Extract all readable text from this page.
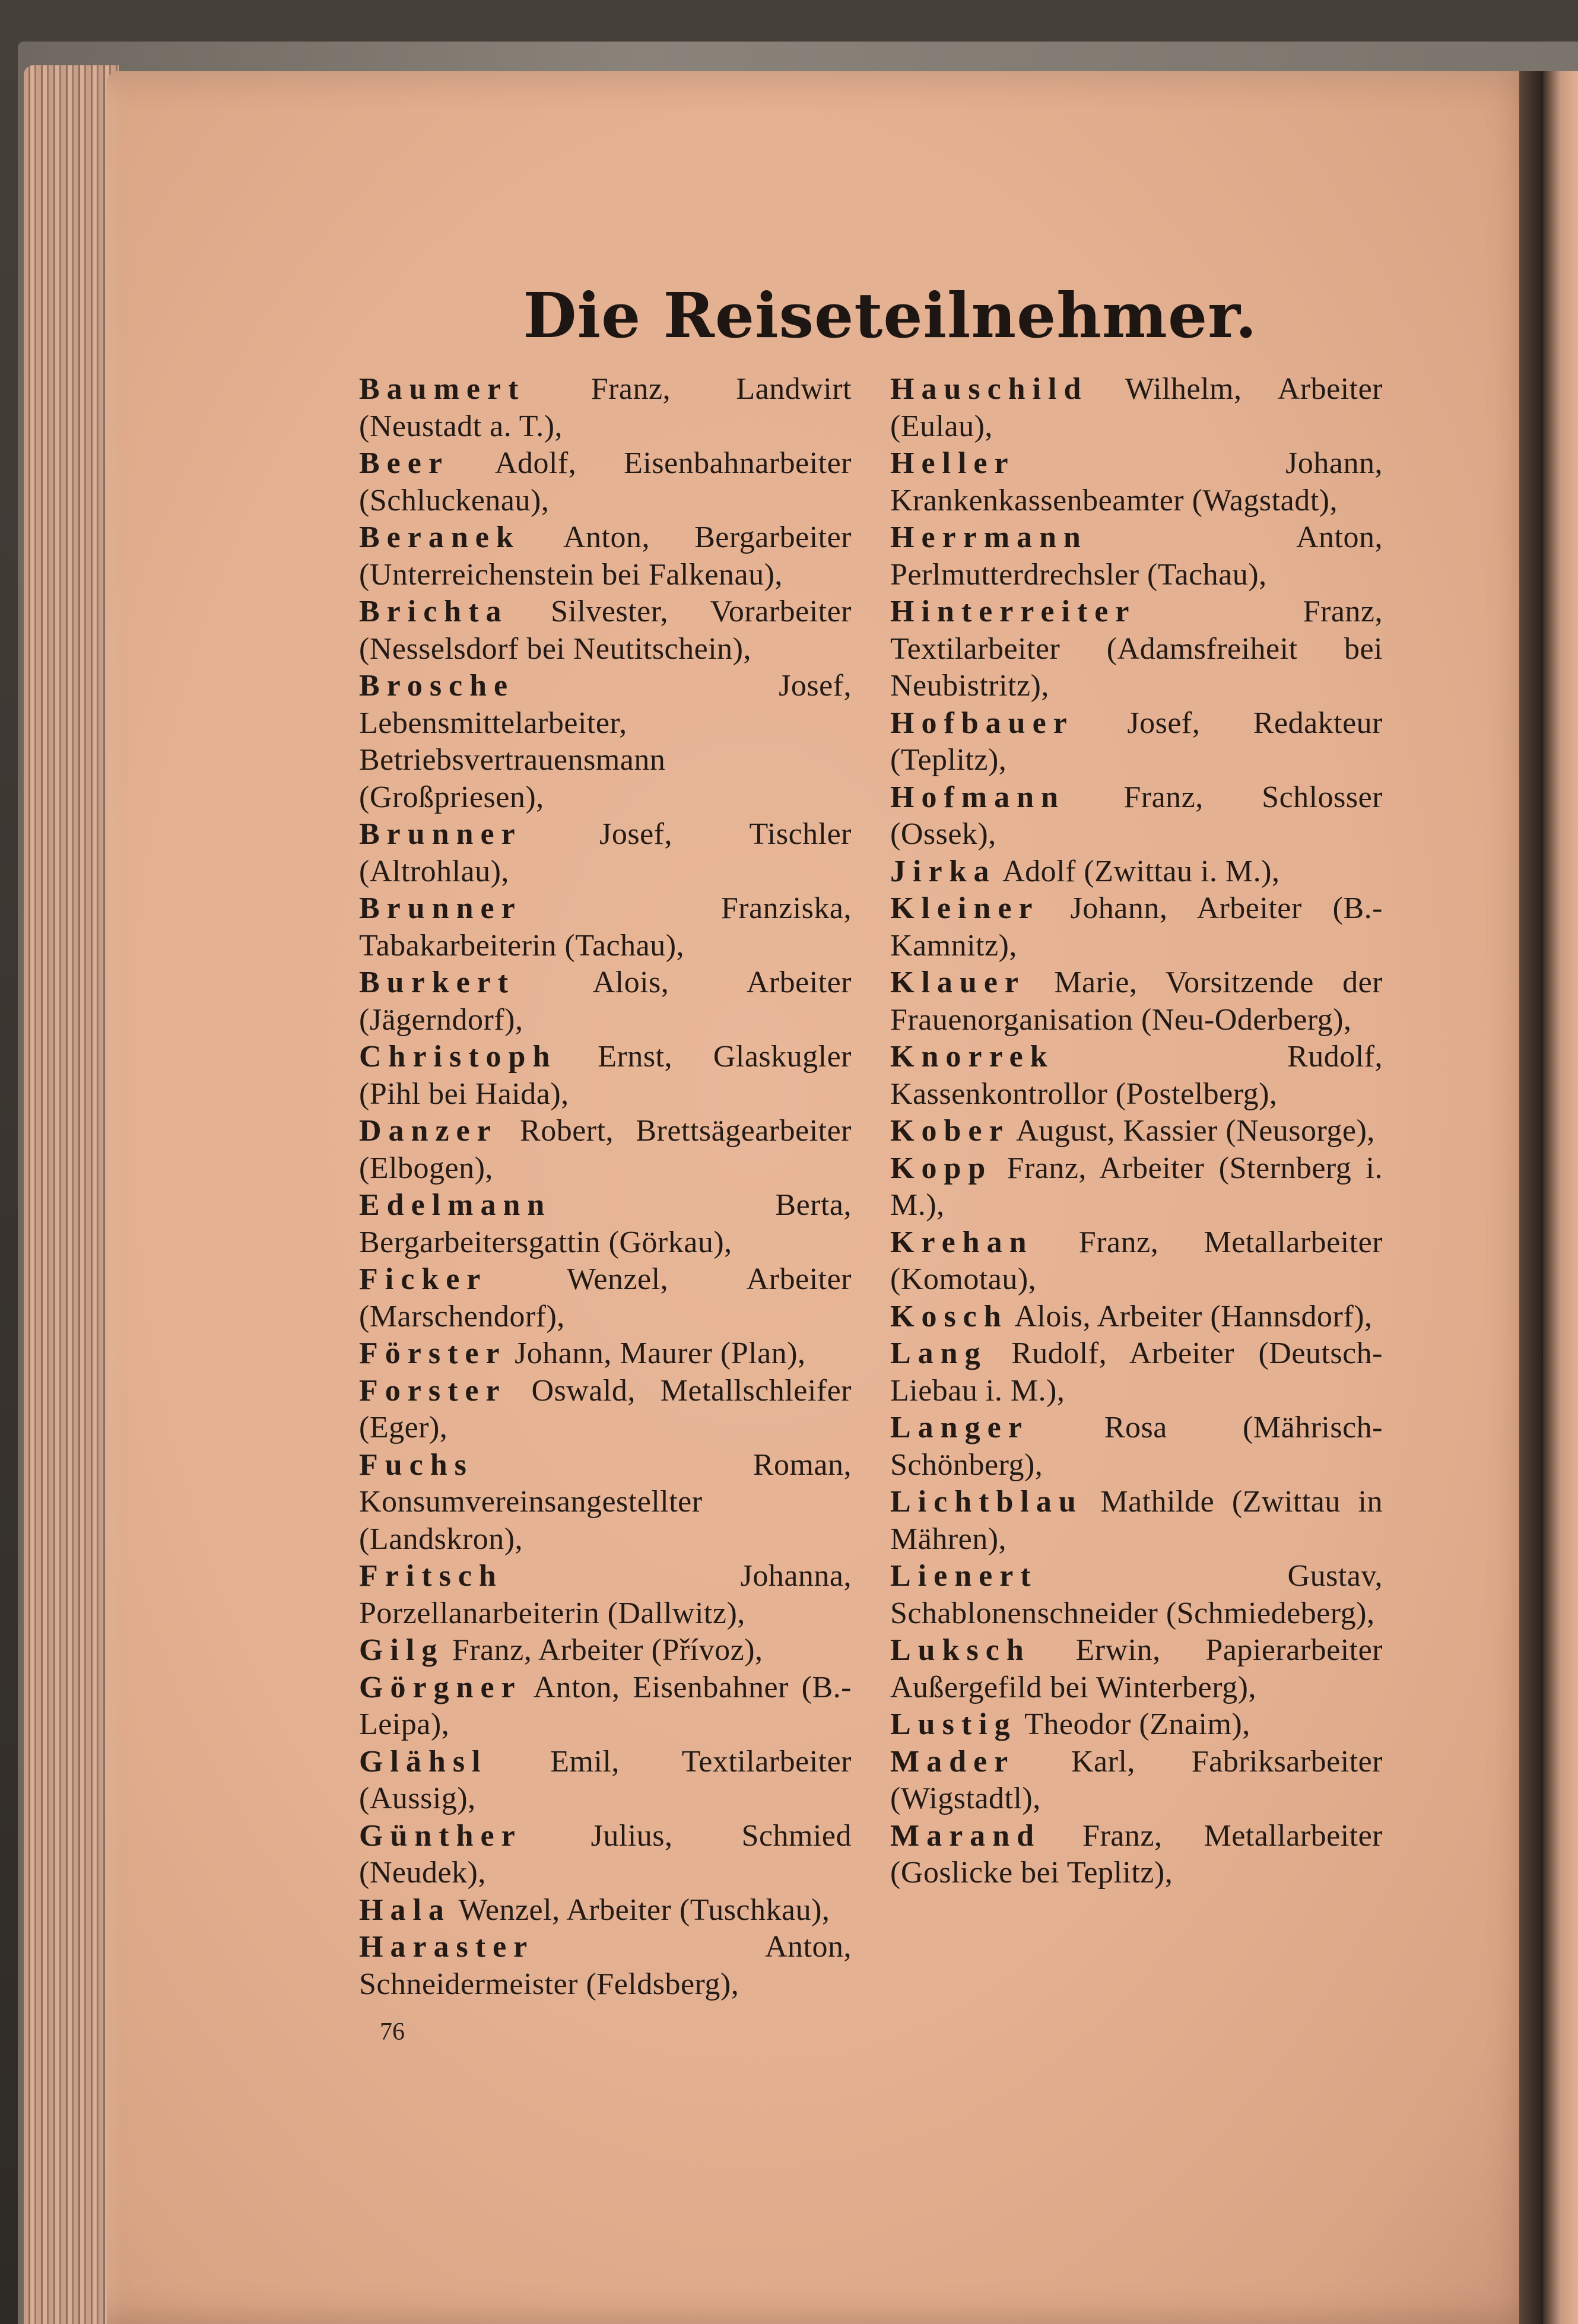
Die Reiseteilnehmer.
Baumert Franz, Landwirt (Neustadt a. T.),
Beer Adolf, Eisenbahnarbeiter (Schluckenau),
Beranek Anton, Bergarbeiter (Unterreichenstein bei Falkenau),
Brichta Silvester, Vorarbeiter (Nesselsdorf bei Neutitschein),
Brosche Josef, Lebensmittelarbeiter, Betriebsvertrauensmann (Großpriesen),
Brunner Josef, Tischler (Altrohlau),
Brunner Franziska, Tabakarbeiterin (Tachau),
Burkert Alois, Arbeiter (Jägerndorf),
Christoph Ernst, Glaskugler (Pihl bei Haida),
Danzer Robert, Brettsägearbeiter (Elbogen),
Edelmann Berta, Bergarbeitersgattin (Görkau),
Ficker Wenzel, Arbeiter (Marschendorf),
Förster Johann, Maurer (Plan),
Forster Oswald, Metallschleifer (Eger),
Fuchs Roman, Konsumvereinsangestellter (Landskron),
Fritsch Johanna, Porzellanarbeiterin (Dallwitz),
Gilg Franz, Arbeiter (Přívoz),
Görgner Anton, Eisenbahner (B.-Leipa),
Glähsl Emil, Textilarbeiter (Aussig),
Günther Julius, Schmied (Neudek),
Hala Wenzel, Arbeiter (Tuschkau),
Haraster Anton, Schneidermeister (Feldsberg),
Hauschild Wilhelm, Arbeiter (Eulau),
Heller Johann, Krankenkassenbeamter (Wagstadt),
Herrmann Anton, Perlmutterdrechsler (Tachau),
Hinterreiter Franz, Textilarbeiter (Adamsfreiheit bei Neubistritz),
Hofbauer Josef, Redakteur (Teplitz),
Hofmann Franz, Schlosser (Ossek),
Jirka Adolf (Zwittau i. M.),
Kleiner Johann, Arbeiter (B.-Kamnitz),
Klauer Marie, Vorsitzende der Frauenorganisation (Neu-Oderberg),
Knorrek Rudolf, Kassenkontrollor (Postelberg),
Kober August, Kassier (Neusorge),
Kopp Franz, Arbeiter (Sternberg i. M.),
Krehan Franz, Metallarbeiter (Komotau),
Kosch Alois, Arbeiter (Hannsdorf),
Lang Rudolf, Arbeiter (Deutsch-Liebau i. M.),
Langer Rosa (Mährisch-Schönberg),
Lichtblau Mathilde (Zwittau in Mähren),
Lienert Gustav, Schablonenschneider (Schmiedeberg),
Luksch Erwin, Papierarbeiter Außergefild bei Winterberg),
Lustig Theodor (Znaim),
Mader Karl, Fabriksarbeiter (Wigstadtl),
Marand Franz, Metallarbeiter (Goslicke bei Teplitz),
76
